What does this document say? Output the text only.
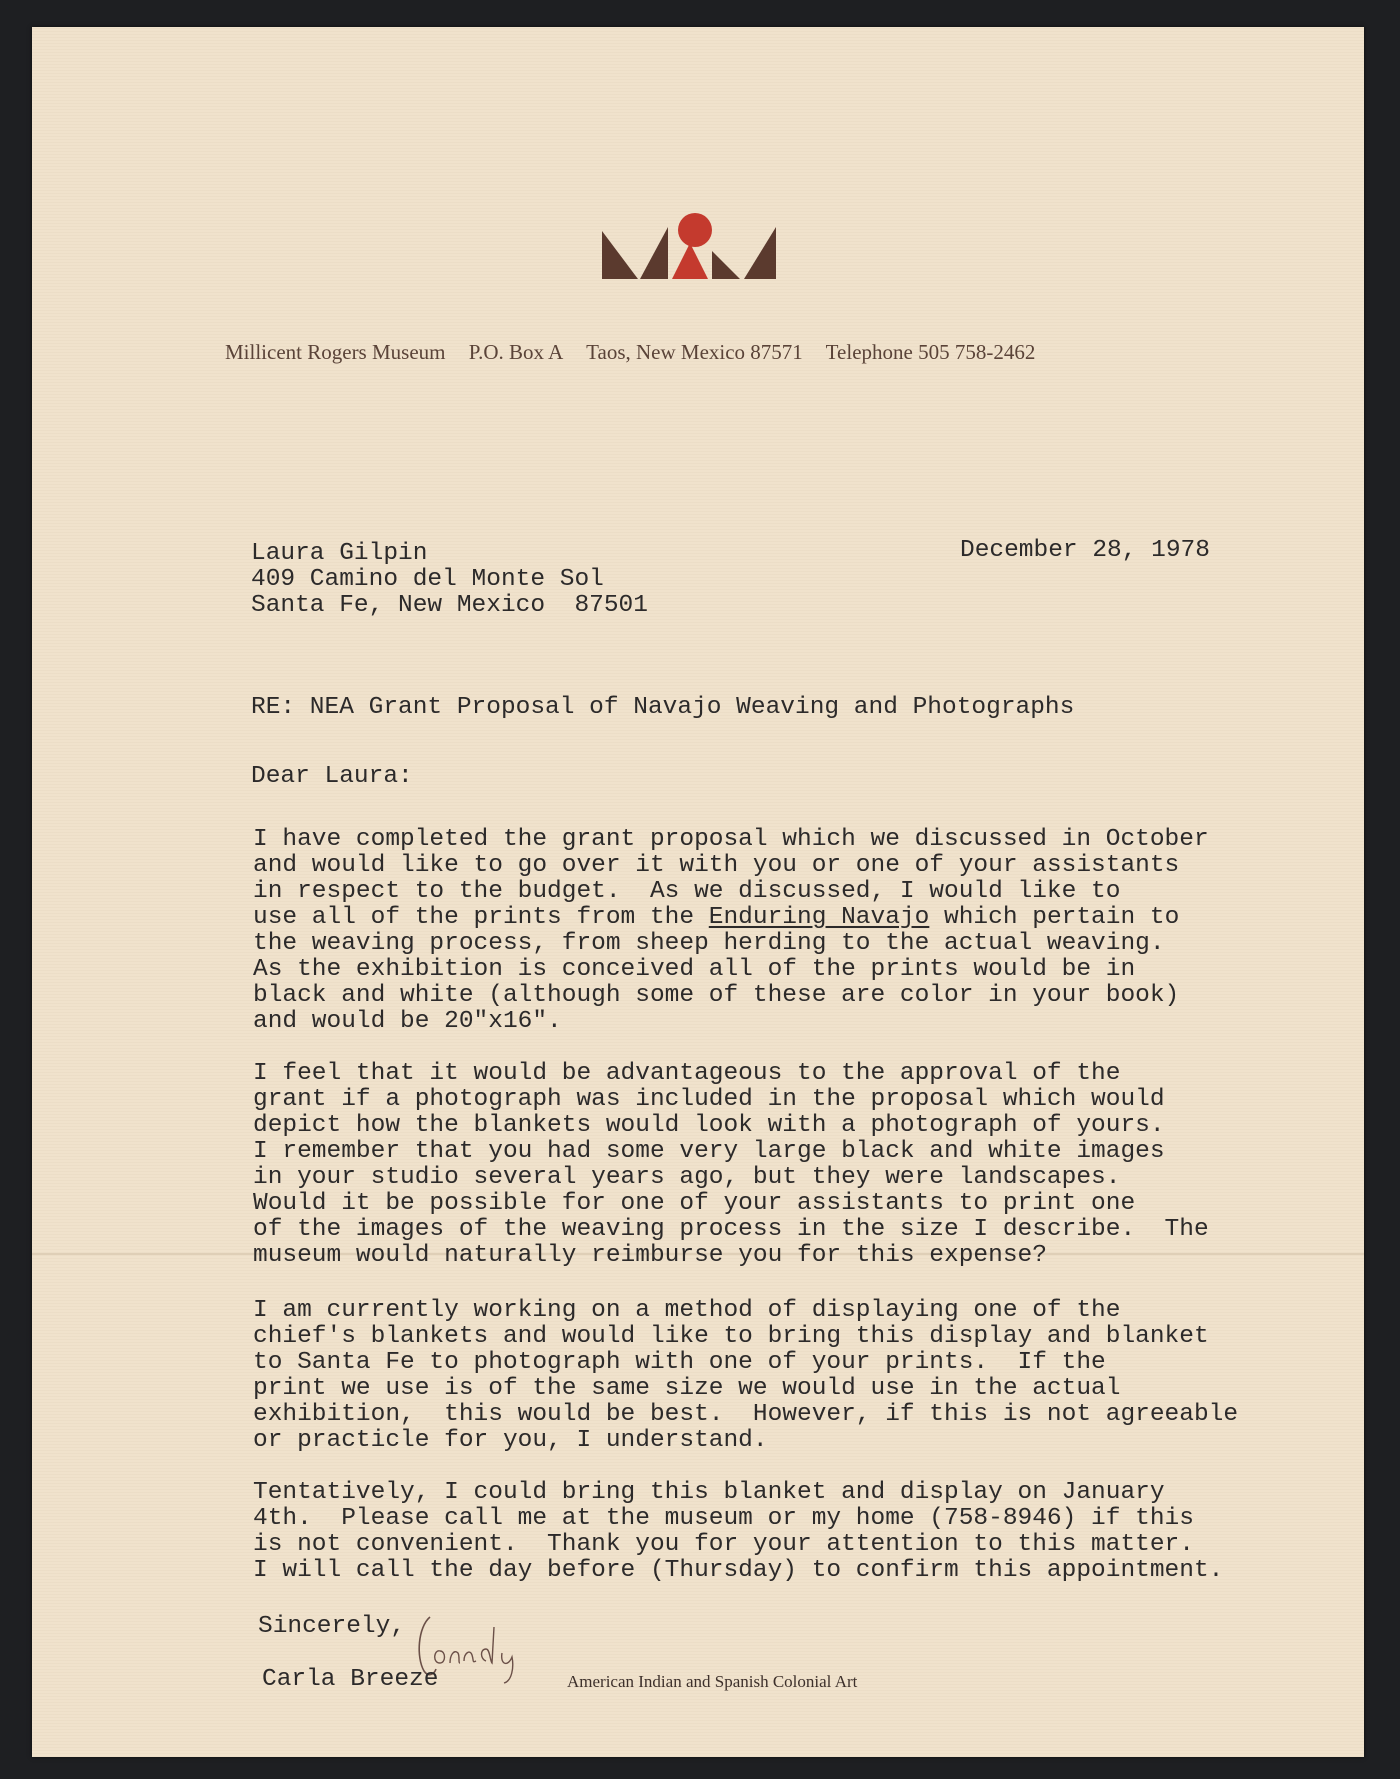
Millicent Rogers Museum P.O. Box A Taos, New Mexico 87571 Telephone 505 758-2462
Laura Gilpin
409 Camino del Monte Sol
Santa Fe, New Mexico  87501
December 28, 1978
RE: NEA Grant Proposal of Navajo Weaving and Photographs
Dear Laura:
I have completed the grant proposal which we discussed in October
and would like to go over it with you or one of your assistants
in respect to the budget.  As we discussed, I would like to
use all of the prints from the Enduring Navajo which pertain to
the weaving process, from sheep herding to the actual weaving.
As the exhibition is conceived all of the prints would be in
black and white (although some of these are color in your book)
and would be 20"x16".
I feel that it would be advantageous to the approval of the
grant if a photograph was included in the proposal which would
depict how the blankets would look with a photograph of yours.
I remember that you had some very large black and white images
in your studio several years ago, but they were landscapes.
Would it be possible for one of your assistants to print one
of the images of the weaving process in the size I describe.  The
museum would naturally reimburse you for this expense?
I am currently working on a method of displaying one of the
chief's blankets and would like to bring this display and blanket
to Santa Fe to photograph with one of your prints.  If the
print we use is of the same size we would use in the actual
exhibition,  this would be best.  However, if this is not agreeable
or practicle for you, I understand.
Tentatively, I could bring this blanket and display on January
4th.  Please call me at the museum or my home (758-8946) if this
is not convenient.  Thank you for your attention to this matter.
I will call the day before (Thursday) to confirm this appointment.
Sincerely,
Carla Breeze	American Indian and Spanish Colonial Art
